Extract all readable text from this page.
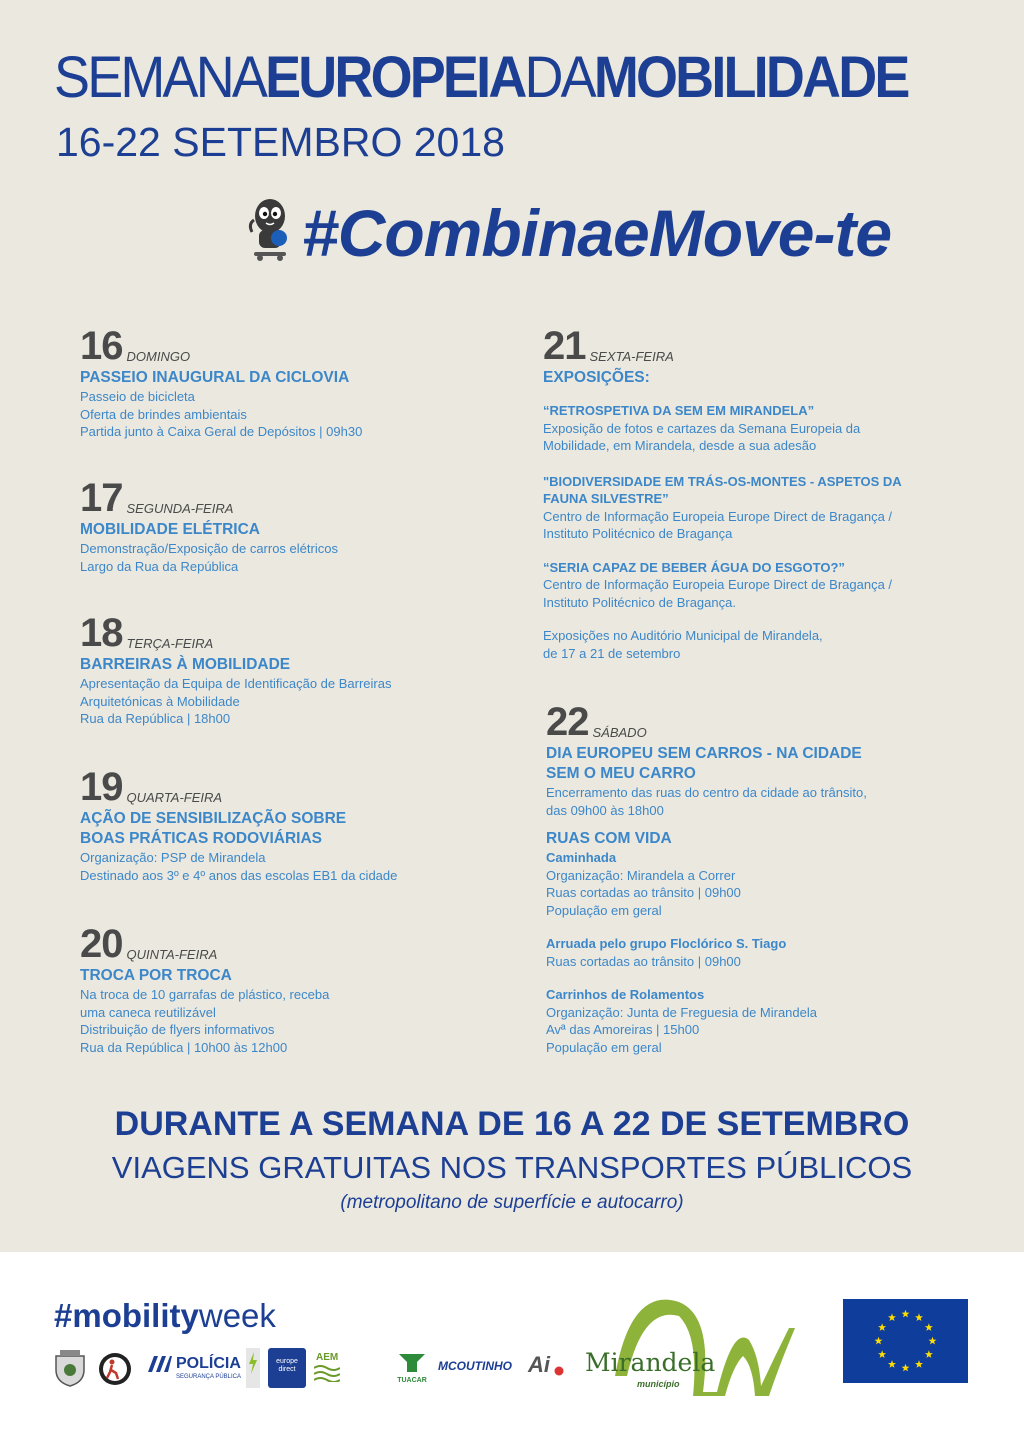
SEMANAEUROPEIADAMOBILIDADE
16-22 SETEMBRO 2018
#CombinaeMove-te
16 DOMINGO
PASSEIO INAUGURAL DA CICLOVIA
Passeio de bicicleta
Oferta de brindes ambientais
Partida junto à Caixa Geral de Depósitos | 09h30
17 SEGUNDA-FEIRA
MOBILIDADE ELÉTRICA
Demonstração/Exposição de carros elétricos
Largo da Rua da República
18 TERÇA-FEIRA
BARREIRAS À MOBILIDADE
Apresentação da Equipa de Identificação de Barreiras
Arquitetónicas à Mobilidade
Rua da República | 18h00
19 QUARTA-FEIRA
AÇÃO DE SENSIBILIZAÇÃO SOBRE
BOAS PRÁTICAS RODOVIÁRIAS
Organização: PSP de Mirandela
Destinado aos 3º e 4º anos das escolas EB1 da cidade
20 QUINTA-FEIRA
TROCA POR TROCA
Na troca de 10 garrafas de plástico, receba
uma caneca reutilizável
Distribuição de flyers informativos
Rua da República | 10h00 às 12h00
21 SEXTA-FEIRA
EXPOSIÇÕES:
“RETROSPETIVA DA SEM EM MIRANDELA”
Exposição de fotos e cartazes da Semana Europeia da
Mobilidade, em Mirandela, desde a sua adesão
"BIODIVERSIDADE EM TRÁS-OS-MONTES - ASPETOS DA
FAUNA SILVESTRE”
Centro de Informação Europeia Europe Direct de Bragança /
Instituto Politécnico de Bragança
“SERIA CAPAZ DE BEBER ÁGUA DO ESGOTO?”
Centro de Informação Europeia Europe Direct de Bragança /
Instituto Politécnico de Bragança.
Exposições no Auditório Municipal de Mirandela,
de 17 a 21 de setembro
22 SÁBADO
DIA EUROPEU SEM CARROS - NA CIDADE
SEM O MEU CARRO
Encerramento das ruas do centro da cidade ao trânsito,
das 09h00 às 18h00
RUAS COM VIDA
Caminhada
Organização: Mirandela a Correr
Ruas cortadas ao trânsito | 09h00
População em geral
Arruada pelo grupo Floclórico S. Tiago
Ruas cortadas ao trânsito | 09h00
Carrinhos de Rolamentos
Organização: Junta de Freguesia de Mirandela
Avª das Amoreiras | 15h00
População em geral
DURANTE A SEMANA DE 16 A 22 DE SETEMBRO
VIAGENS GRATUITAS NOS TRANSPORTES PÚBLICOS
(metropolitano de superfície e autocarro)
#mobilityweek
POLÍCIA
SEGURANÇA PÚBLICA
europe direct
AEM
TUACAR
MCOUTINHO Ai Mirandela
município
